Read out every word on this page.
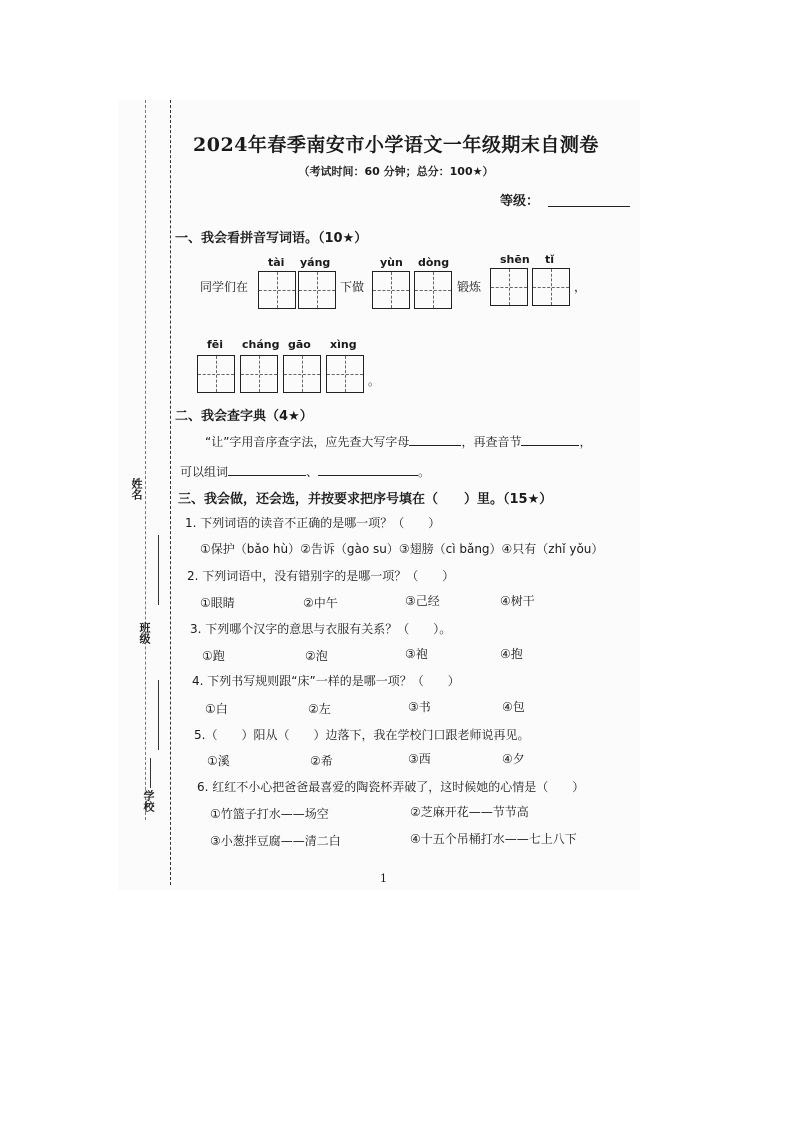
姓名
班级
学校
2024年春季南安市小学语文一年级期末自测卷
（考试时间：60 分钟；总分：100★）
等级：
一、我会看拼音写词语。（10★）
tài yáng	yùn dòng	shēn tǐ
同学们在	下做	锻炼	，
fēi cháng gāo xìng
。
二、我会查字典（4★）
“让”字用音序查字法，应先查大写字母	，再查音节	，
可以组词	、	。
三、我会做，还会选，并按要求把序号填在（　　）里。（15★）
1. 下列词语的读音不正确的是哪一项？（　　）
①保护（bǎo hù）②告诉（gào su）③翅膀（cì bǎng）④只有（zhǐ yǒu）
2. 下列词语中，没有错别字的是哪一项？（　　）
①眼睛	②中午	③己经	④树干
3. 下列哪个汉字的意思与衣服有关系？（　　）。
①跑	②泡	③袍	④抱
4. 下列书写规则跟“床”一样的是哪一项？（　　）
①白	②左	③书	④包
5.（　　）阳从（　　）边落下，我在学校门口跟老师说再见。
①溪	②希	③西	④夕
6. 红红不小心把爸爸最喜爱的陶瓷杯弄破了，这时候她的心情是（　　）
①竹篮子打水——场空	②芝麻开花——节节高
③小葱拌豆腐——清二白	④十五个吊桶打水——七上八下
1
